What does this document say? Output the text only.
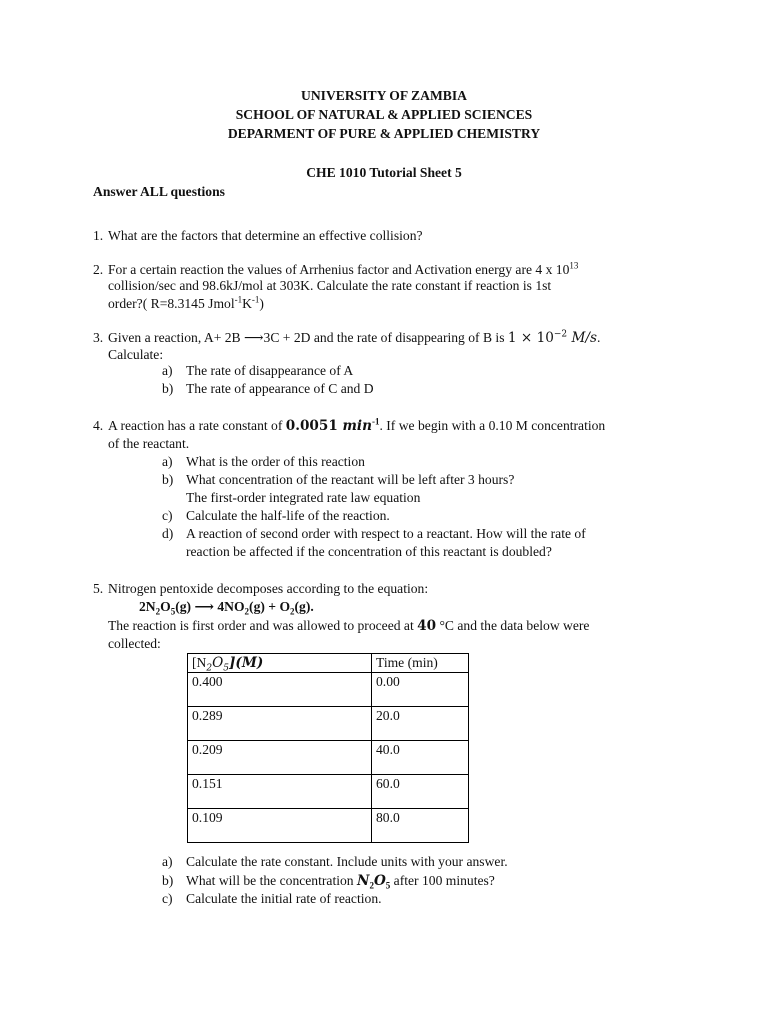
UNIVERSITY OF ZAMBIA
SCHOOL OF NATURAL & APPLIED SCIENCES
DEPARMENT OF PURE & APPLIED CHEMISTRY
CHE 1010 Tutorial Sheet 5
Answer ALL questions
1. What are the factors that determine an effective collision?
2. For a certain reaction the values of Arrhenius factor and Activation energy are 4 x $10^{13}$
collision/sec and 98.6kJ/mol at 303K. Calculate the rate constant if reaction is 1st
order?( R=8.3145 $Jmol^{-1}K^{-1}$)
3. Given a reaction, A+ 2B ⟶3C + 2D and the rate of disappearing of B is $1 \times 10^{-2}$ M/s.
Calculate:
a) The rate of disappearance of A
b) The rate of appearance of C and D
4. A reaction has a rate constant of 0.0051 $\min^{-1}$. If we begin with a 0.10 M concentration
of the reactant.
a) What is the order of this reaction
b) What concentration of the reactant will be left after 3 hours?
The first-order integrated rate law equation
c) Calculate the half-life of the reaction.
d) A reaction of second order with respect to a reactant. How will the rate of
reaction be affected if the concentration of this reactant is doubled?
5. Nitrogen pentoxide decomposes according to the equation:
$2N_2O_5(g)$ ⟶ $4NO_2(g) + O_2(g)$.
The reaction is first order and was allowed to proceed at 40 °C and the data below were
collected:
$[N_2O_5](M)$	Time (min)
0.400	0.00
0.289	20.0
0.209	40.0
0.151	60.0
0.109	80.0
a) Calculate the rate constant. Include units with your answer.
b) What will be the concentration $N_2O_5$ after 100 minutes?
c) Calculate the initial rate of reaction.
